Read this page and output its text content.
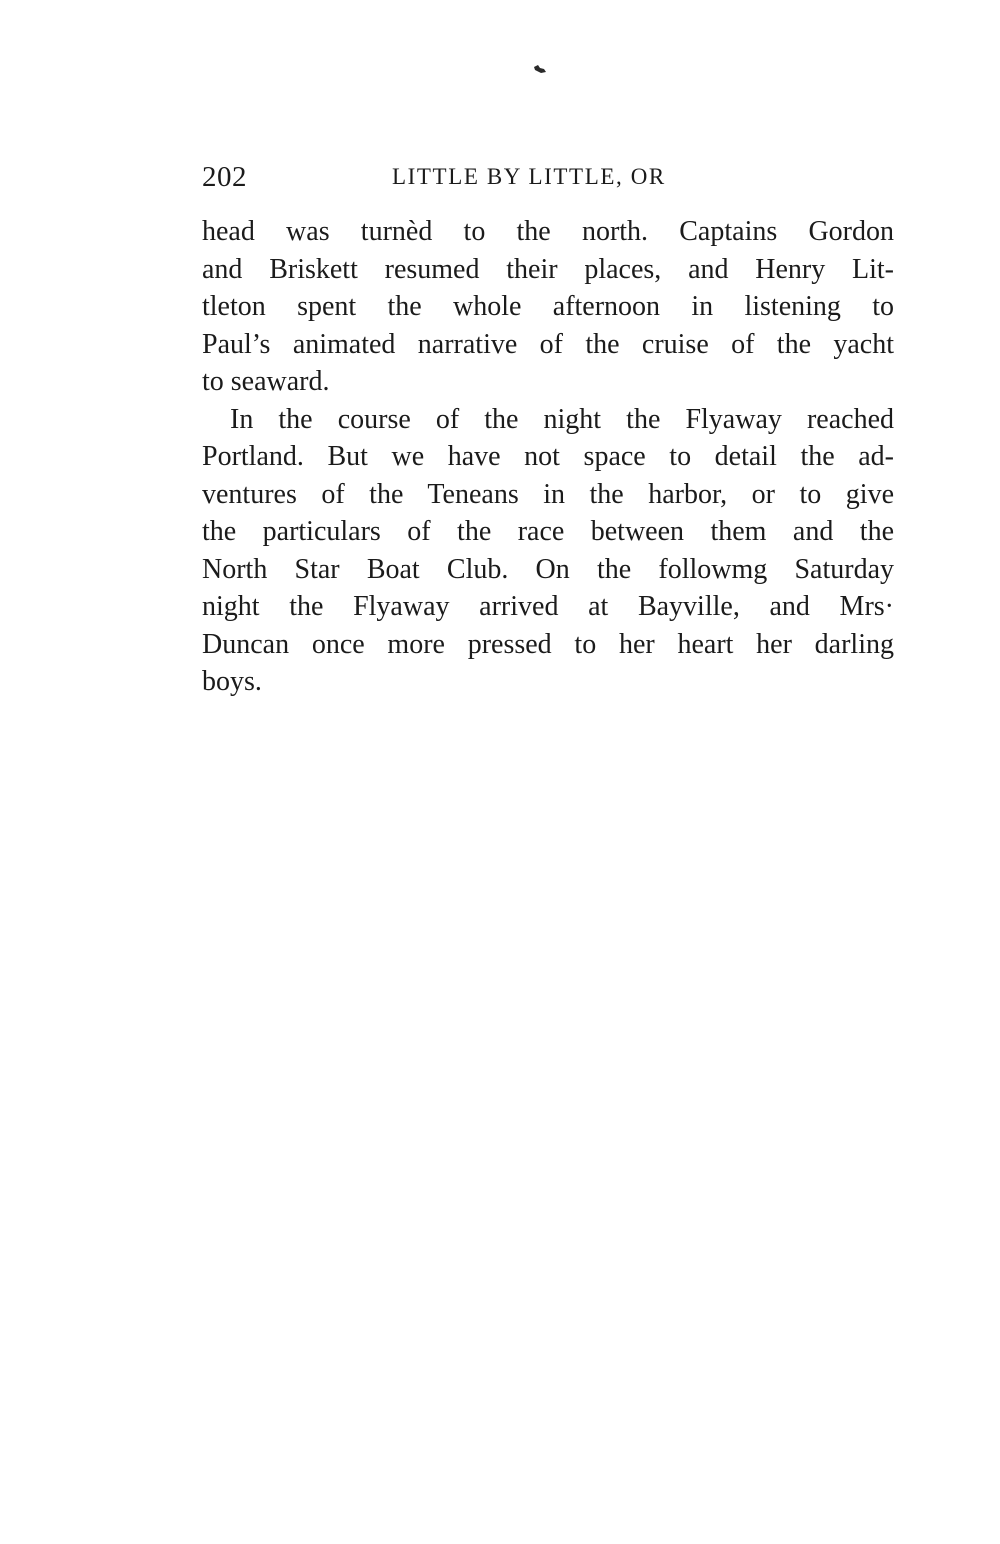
202	LITTLE BY LITTLE, OR
head was turnèd to the north. Captains Gordon
and Briskett resumed their places, and Henry Lit-
tleton spent the whole afternoon in listening to
Paul’s animated narrative of the cruise of the yacht
to seaward.
In the course of the night the Flyaway reached
Portland. But we have not space to detail the ad-
ventures of the Teneans in the harbor, or to give
the particulars of the race between them and the
North Star Boat Club. On the followmg Saturday
night the Flyaway arrived at Bayville, and Mrs·
Duncan once more pressed to her heart her darling
boys.
